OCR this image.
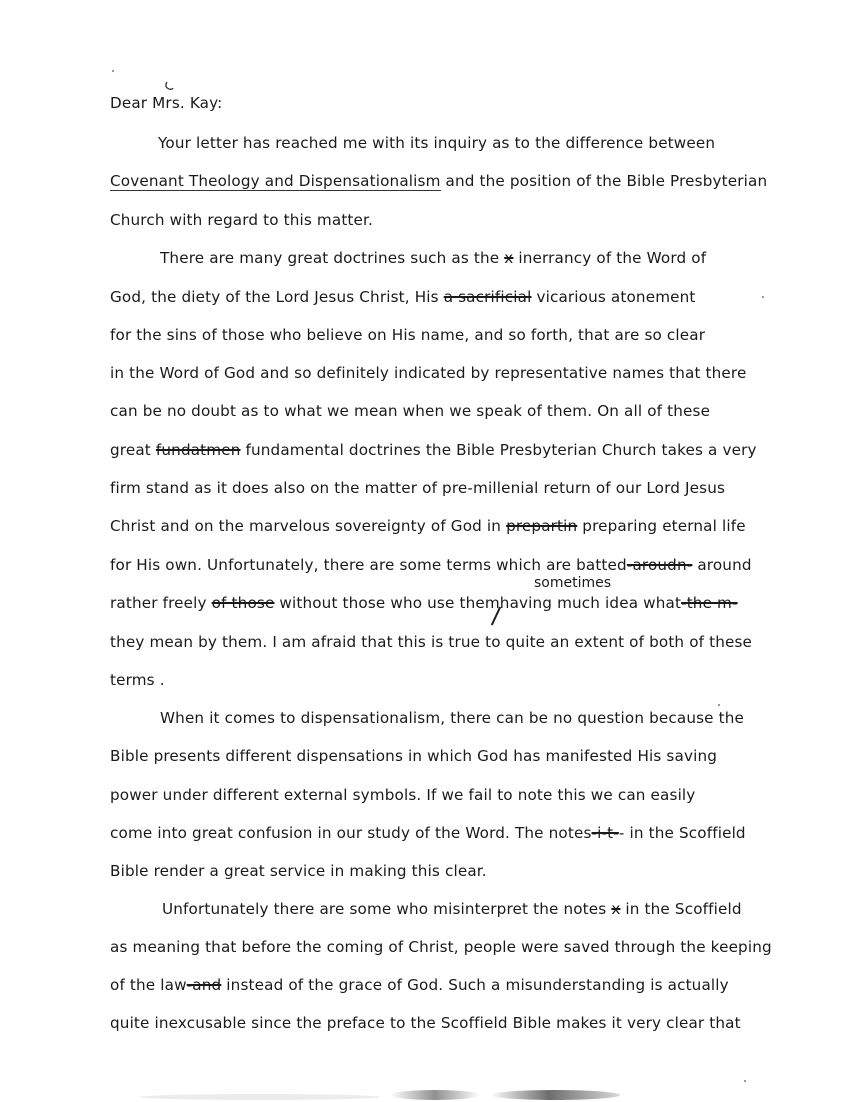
Dear Mrs. Kay:
Your letter has reached me with its inquiry as to the difference between
Covenant Theology and Dispensationalism and the position of the Bible Presbyterian
Church with regard to this matter.
There are many great doctrines such as the x inerrancy of the Word of
God, the diety of the Lord Jesus Christ, His a sacrificial vicarious atonement
for the sins of those who believe on His name, and so forth, that are so clear
in the Word of God and so definitely indicated by representative names that there
can be no doubt as to what we mean when we speak of them. On all of these
great fundatmen fundamental doctrines the Bible Presbyterian Church takes a very
firm stand as it does also on the matter of pre-millenial return of our Lord Jesus
Christ and on the marvelous sovereignty of God in prepartin preparing eternal life
for His own. Unfortunately, there are some terms which are batted-aroudn- around
sometimes
rather freely of those without those who use themhaving much idea what-the m-
they mean by them. I am afraid that this is true to quite an extent of both of these
terms .
When it comes to dispensationalism, there can be no question because the
Bible presents different dispensations in which God has manifested His saving
power under different external symbols. If we fail to note this we can easily
come into great confusion in our study of the Word. The notes-i-t-- in the Scoffield
Bible render a great service in making this clear.
Unfortunately there are some who misinterpret the notes x in the Scoffield
as meaning that before the coming of Christ, people were saved through the keeping
of the law-and instead of the grace of God. Such a misunderstanding is actually
quite inexcusable since the preface to the Scoffield Bible makes it very clear that
